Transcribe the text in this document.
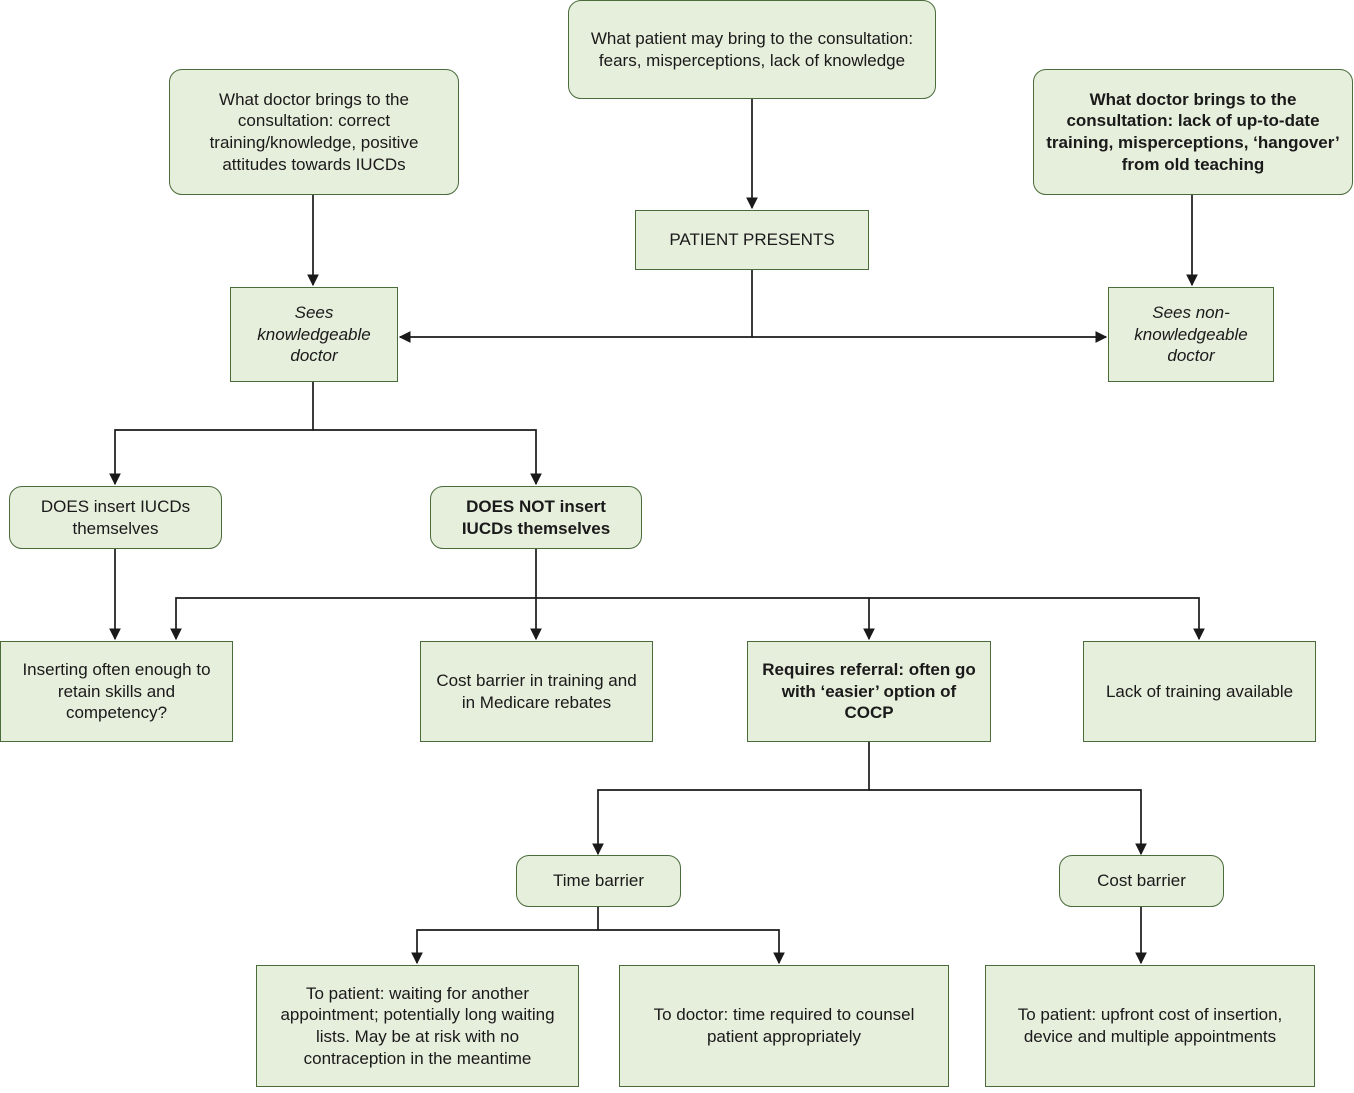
What patient may bring to the consultation: fears, misperceptions, lack of knowledge
What doctor brings to the consultation: correct training/knowledge, positive attitudes towards IUCDs
What doctor brings to the consultation: lack of up-to-date training, misperceptions, ‘hangover’ from old teaching
PATIENT PRESENTS
Sees knowledgeable doctor
Sees non-knowledgeable doctor
DOES insert IUCDs themselves
DOES NOT insert IUCDs themselves
Inserting often enough to retain skills and competency?
Cost barrier in training and in Medicare rebates
Requires referral: often go with ‘easier’ option of COCP
Lack of training available
Time barrier	Cost barrier
To patient: waiting for another appointment; potentially long waiting lists. May be at risk with no contraception in the meantime
To doctor: time required to counsel patient appropriately
To patient: upfront cost of insertion, device and multiple appointments
